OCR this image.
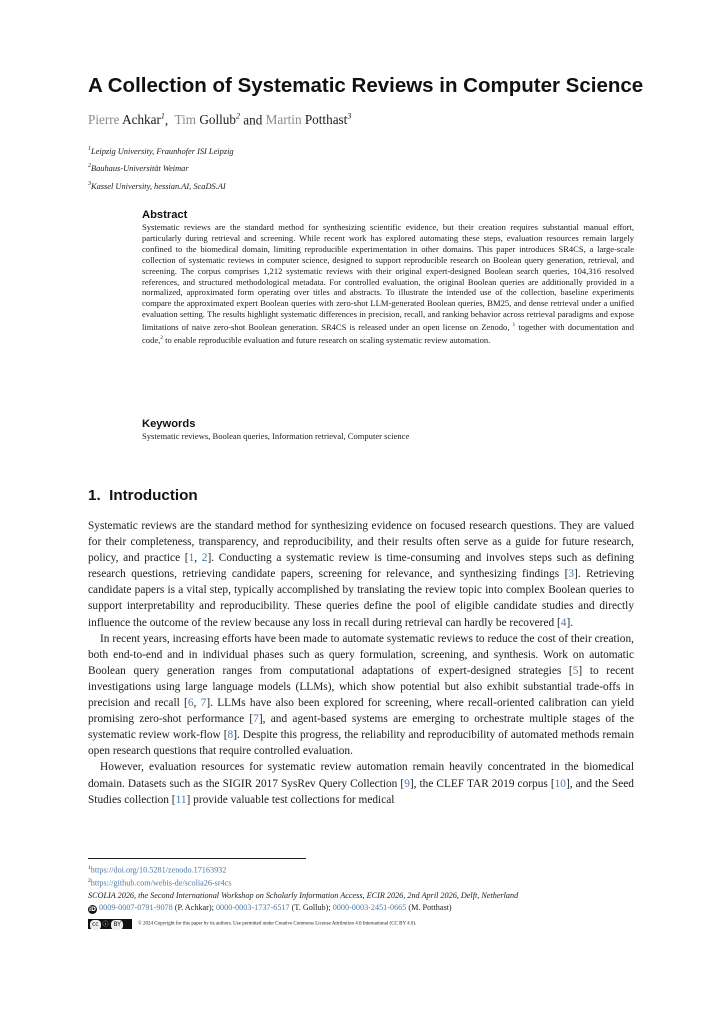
A Collection of Systematic Reviews in Computer Science
Pierre Achkar$^1$, Tim Gollub$^2$ and Martin Potthast$^3$
$^1$Leipzig University, Fraunhofer ISI Leipzig
$^2$Bauhaus-Universität Weimar
$^3$Kassel University, hessian.AI, ScaDS.AI
Abstract

Systematic reviews are the standard method for synthesizing scientific evidence, but their creation requires substantial manual effort, particularly during retrieval and screening. While recent work has explored automating these steps, evaluation resources remain largely confined to the biomedical domain, limiting reproducible experimentation in other domains. This paper introduces SR4CS, a large-scale collection of systematic reviews in computer science, designed to support reproducible research on Boolean query generation, retrieval, and screening. The corpus comprises 1,212 systematic reviews with their original expert-designed Boolean search queries, 104,316 resolved references, and structured methodological metadata. For controlled evaluation, the original Boolean queries are additionally provided in a normalized, approximated form operating over titles and abstracts. To illustrate the intended use of the collection, baseline experiments compare the approximated expert Boolean queries with zero-shot LLM-generated Boolean queries, BM25, and dense retrieval under a unified evaluation setting. The results highlight systematic differences in precision, recall, and ranking behavior across retrieval paradigms and expose limitations of naive zero-shot Boolean generation. SR4CS is released under an open license on Zenodo, $^1$ together with documentation and code,$^2$ to enable reproducible evaluation and future research on scaling systematic review automation.

Keywords

Systematic reviews, Boolean queries, Information retrieval, Computer science

1. Introduction

Systematic reviews are the standard method for synthesizing evidence on focused research questions. They are valued for their completeness, transparency, and reproducibility, and their results often serve as a guide for future research, policy, and practice [1, 2]. Conducting a systematic review is time-consuming and involves steps such as defining research questions, retrieving candidate papers, screening for relevance, and synthesizing findings [3]. Retrieving candidate papers is a vital step, typically accomplished by translating the review topic into complex Boolean queries to support interpretability and reproducibility. These queries define the pool of eligible candidate studies and directly influence the outcome of the review because any loss in recall during retrieval can hardly be recovered [4].

In recent years, increasing efforts have been made to automate systematic reviews to reduce the cost of their creation, both end-to-end and in individual phases such as query formulation, screening, and synthesis. Work on automatic Boolean query generation ranges from computational adaptations of expert-designed strategies [5] to recent investigations using large language models (LLMs), which show potential but also exhibit substantial trade-offs in precision and recall [6, 7]. LLMs have also been explored for screening, where recall-oriented calibration can yield promising zero-shot performance [7], and agent-based systems are emerging to orchestrate multiple stages of the systematic review work-flow [8]. Despite this progress, the reliability and reproducibility of automated methods remain open research questions that require controlled evaluation.

However, evaluation resources for systematic review automation remain heavily concentrated in the biomedical domain. Datasets such as the SIGIR 2017 SysRev Query Collection [9], the CLEF TAR 2019 corpus [10], and the Seed Studies collection [11] provide valuable test collections for medical

$^1$https://doi.org/10.5281/zenodo.17163932
$^2$https://github.com/webis-de/scolia26-sr4cs
SCOLIA 2026, the Second International Workshop on Scholarly Information Access, ECIR 2026, 2nd April 2026, Delft, Netherland
iD 0009-0007-0791-9078 (P. Achkar); 0000-0003-1737-6517 (T. Gollub); 0000-0003-2451-0665 (M. Potthast)
cc ⓘ BY	© 2024 Copyright for this paper by its authors. Use permitted under Creative Commons License Attribution 4.0 International (CC BY 4.0).
